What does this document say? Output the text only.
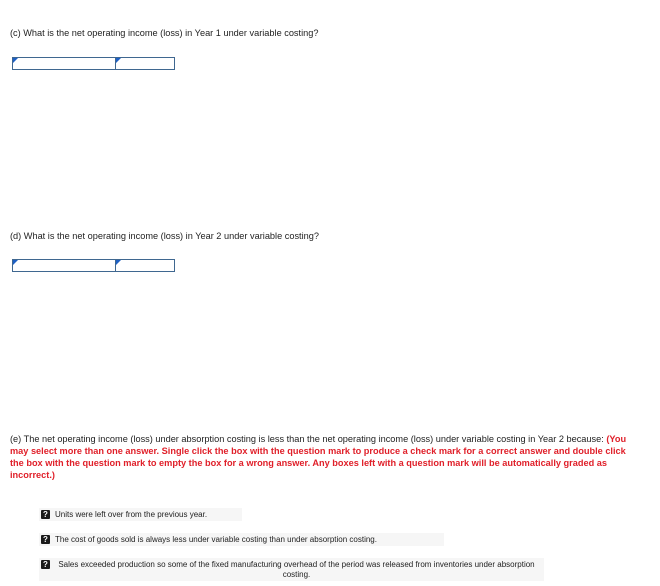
(c) What is the net operating income (loss) in Year 1 under variable costing?
(d) What is the net operating income (loss) in Year 2 under variable costing?
(e) The net operating income (loss) under absorption costing is less than the net operating income (loss) under variable costing in Year 2 because: (You may select more than one answer. Single click the box with the question mark to produce a check mark for a correct answer and double click the box with the question mark to empty the box for a wrong answer. Any boxes left with a question mark will be automatically graded as incorrect.)
? Units were left over from the previous year.
? The cost of goods sold is always less under variable costing than under absorption costing.
?	Sales exceeded production so some of the fixed manufacturing overhead of the period was released from inventories under absorption costing.
